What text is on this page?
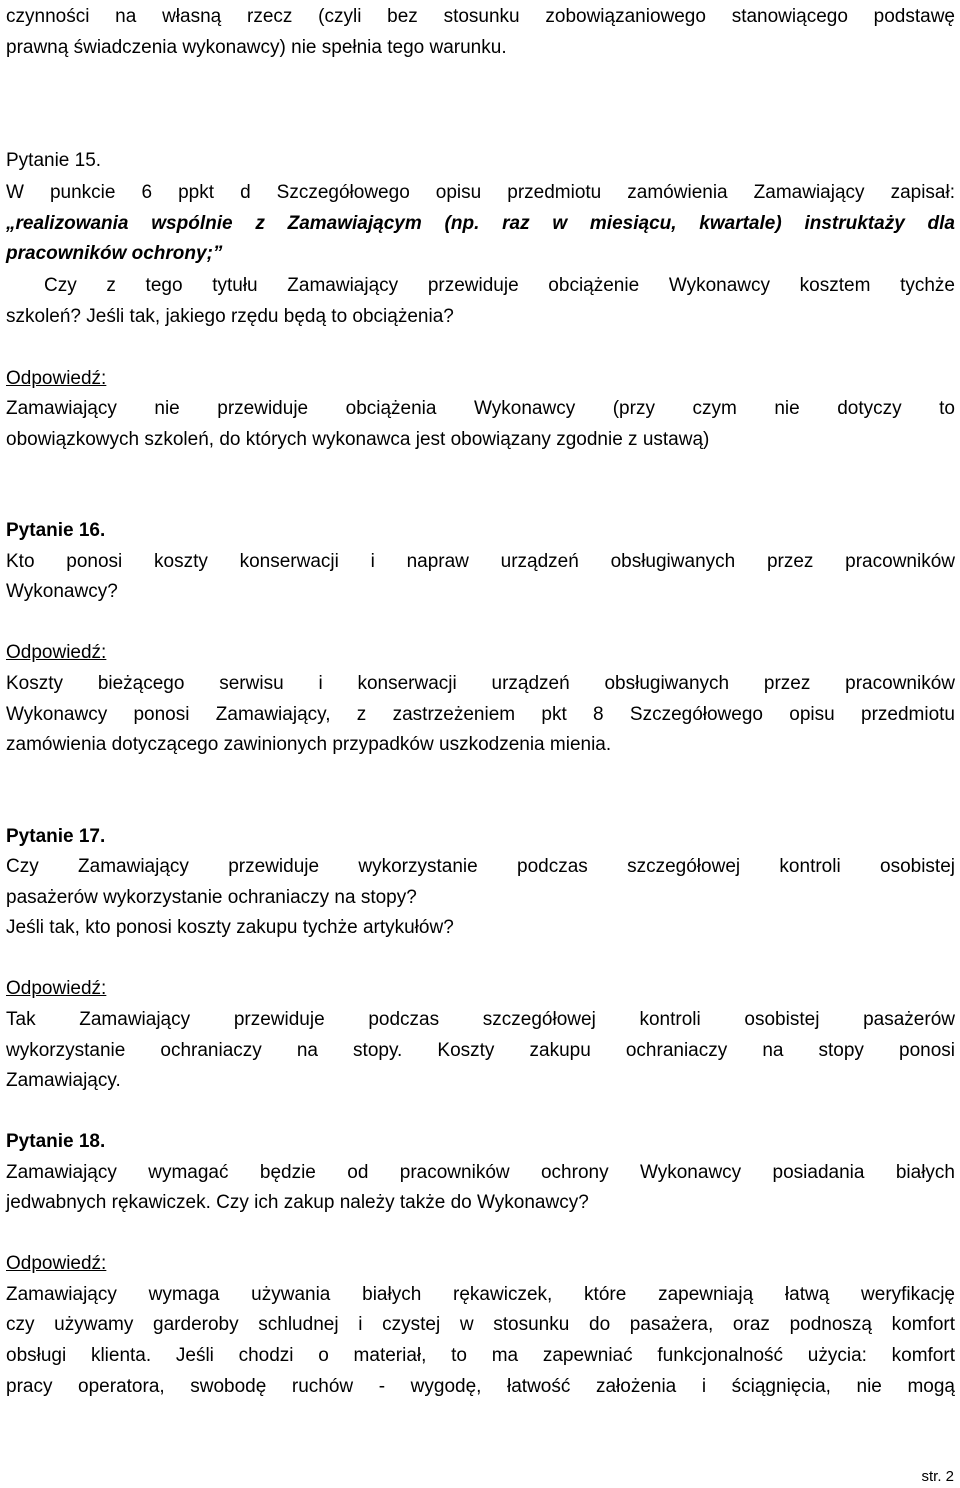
czynności na własną rzecz (czyli bez stosunku zobowiązaniowego stanowiącego podstawę
prawną świadczenia wykonawcy) nie spełnia tego warunku.
Pytanie 15.
W punkcie 6 ppkt d Szczegółowego opisu przedmiotu zamówienia Zamawiający zapisał:
„realizowania wspólnie z Zamawiającym (np. raz w miesiącu, kwartale) instruktaży dla
pracowników ochrony;”
Czy z tego tytułu Zamawiający przewiduje obciążenie Wykonawcy kosztem tychże
szkoleń? Jeśli tak, jakiego rzędu będą to obciążenia?
Odpowiedź:
Zamawiający nie przewiduje obciążenia Wykonawcy (przy czym nie dotyczy to
obowiązkowych szkoleń, do których wykonawca jest obowiązany zgodnie z ustawą)
Pytanie 16.
Kto ponosi koszty konserwacji i napraw urządzeń obsługiwanych przez pracowników
Wykonawcy?
Odpowiedź:
Koszty bieżącego serwisu i konserwacji urządzeń obsługiwanych przez pracowników
Wykonawcy ponosi Zamawiający, z zastrzeżeniem pkt 8 Szczegółowego opisu przedmiotu
zamówienia dotyczącego zawinionych przypadków uszkodzenia mienia.
Pytanie 17.
Czy Zamawiający przewiduje wykorzystanie podczas szczegółowej kontroli osobistej
pasażerów wykorzystanie ochraniaczy na stopy?
Jeśli tak, kto ponosi koszty zakupu tychże artykułów?
Odpowiedź:
Tak Zamawiający przewiduje podczas szczegółowej kontroli osobistej pasażerów
wykorzystanie ochraniaczy na stopy. Koszty zakupu ochraniaczy na stopy ponosi
Zamawiający.
Pytanie 18.
Zamawiający wymagać będzie od pracowników ochrony Wykonawcy posiadania białych
jedwabnych rękawiczek. Czy ich zakup należy także do Wykonawcy?
Odpowiedź:
Zamawiający wymaga używania białych rękawiczek, które zapewniają łatwą weryfikację
czy używamy garderoby schludnej i czystej w stosunku do pasażera, oraz podnoszą komfort
obsługi klienta. Jeśli chodzi o materiał, to ma zapewniać funkcjonalność użycia: komfort
pracy operatora, swobodę ruchów - wygodę, łatwość założenia i ściągnięcia, nie mogą
str. 2
